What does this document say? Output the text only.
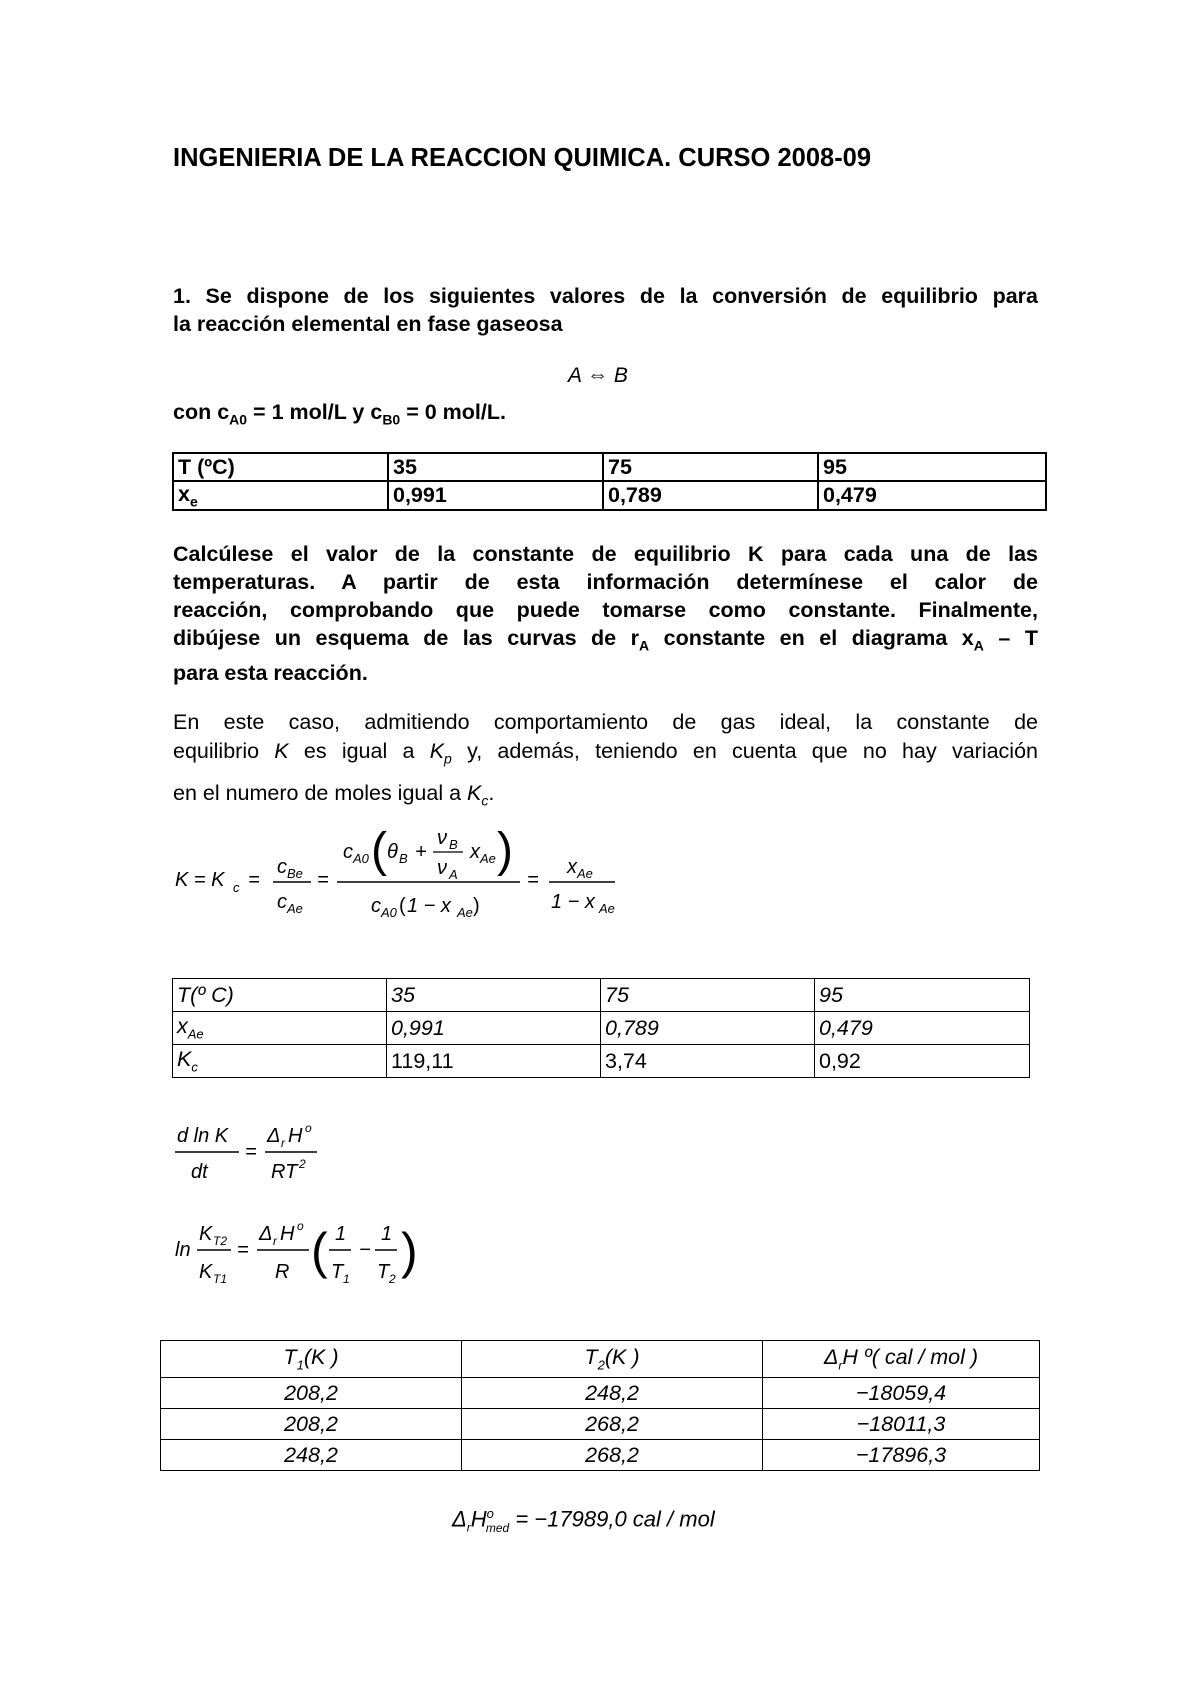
INGENIERIA DE LA REACCION QUIMICA. CURSO 2008-09
1. Se dispone de los siguientes valores de la conversión de equilibrio para
la reacción elemental en fase gaseosa
A ⇔ B
con $c_{A0} = 1$ mol/L y $c_{B0} = 0$ mol/L.
T (ºC)	35	75	95
$x_e$	0,991	0,789	0,479
Calcúlese el valor de la constante de equilibrio K para cada una de las
temperaturas. A partir de esta información determínese el calor de
reacción, comprobando que puede tomarse como constante. Finalmente,
dibújese un esquema de las curvas de $r_A$ constante en el diagrama $x_A$ – T
para esta reacción.
En este caso, admitiendo comportamiento de gas ideal, la constante de
equilibrio K es igual a $K_p$ y, además, teniendo en cuenta que no hay variación
en el numero de moles igual a $K_c$.
K = K c =
c Be
c Ae
=
c A0 ( θ B +
ν B
ν A
x Ae )
c A0 ( 1 − x Ae )
=
x Ae
1 − x Ae
T(º C)	35	75	95
$x_{Ae}$	0,991	0,789	0,479
$K_c$	119,11	3,74	0,92
d ln K
dt
=
Δ r H o
RT 2
ln
K T2
K T1
=
Δ r H o
R ( 1
T 1
−
1
T 2 )
$T_1(K$ )	$T_2(K$ )	$\Delta_rH$ º( cal / mol )
208,2	248,2	−18059,4
208,2	268,2	−18011,3
248,2	268,2	−17896,3
$\Delta_rH^o_{med} = -17989,0$ cal / mol
